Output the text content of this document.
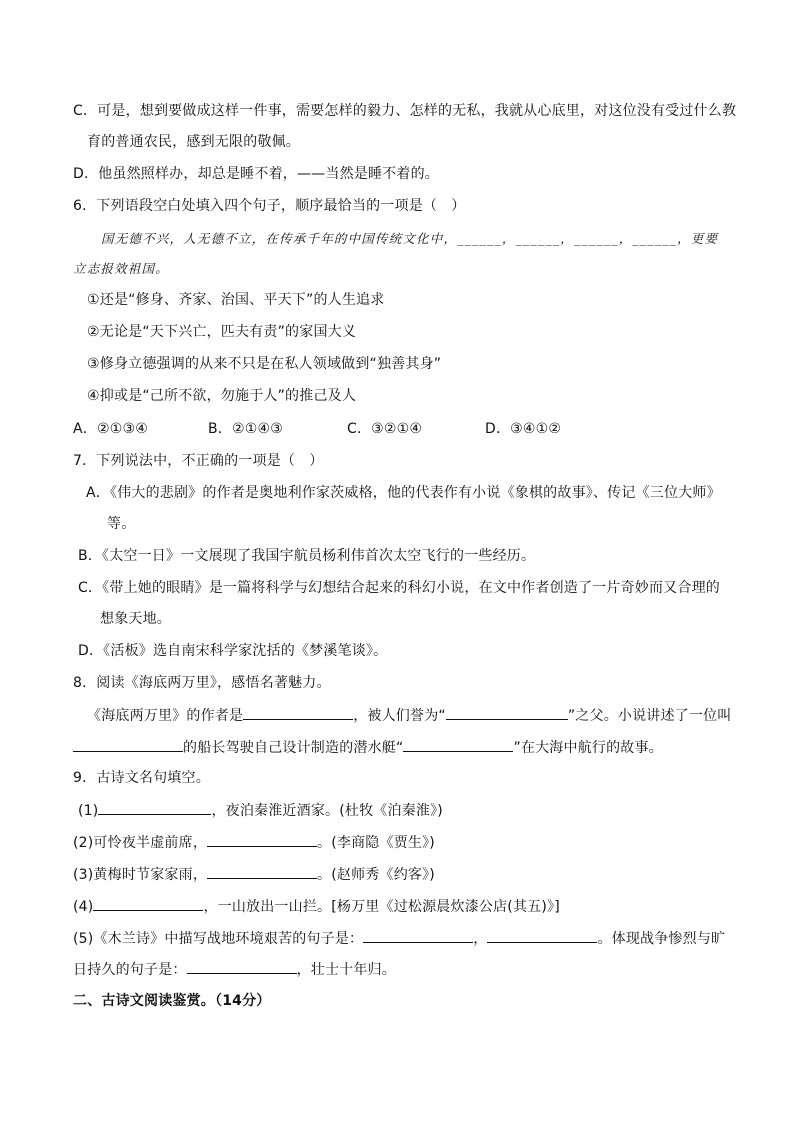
C．可是，想到要做成这样一件事，需要怎样的毅力、怎样的无私，我就从心底里，对这位没有受过什么教
育的普通农民，感到无限的敬佩。
D．他虽然照样办，却总是睡不着，——当然是睡不着的。
6．下列语段空白处填入四个句子，顺序最恰当的一项是（　）
国无德不兴，人无德不立，在传承千年的中国传统文化中，______，______，______，______，更要
立志报效祖国。
①还是“修身、齐家、治国、平天下”的人生追求
②无论是“天下兴亡，匹夫有责”的家国大义
③修身立德强调的从来不只是在私人领域做到“独善其身”
④抑或是“己所不欲，勿施于人”的推己及人
A．②①③④	B．②①④③	C．③②①④	D．③④①②
7．下列说法中，不正确的一项是（　）
A．《伟大的悲剧》的作者是奥地利作家茨威格，他的代表作有小说《象棋的故事》、传记《三位大师》
等。
B．《太空一日》一文展现了我国宇航员杨利伟首次太空飞行的一些经历。
C．《带上她的眼睛》是一篇将科学与幻想结合起来的科幻小说，在文中作者创造了一片奇妙而又合理的
想象天地。
D．《活板》选自南宋科学家沈括的《梦溪笔谈》。
8．阅读《海底两万里》，感悟名著魅力。
《海底两万里》的作者是	，被人们誉为“	”之父。小说讲述了一位叫
的船长驾驶自己设计制造的潜水艇“	”在大海中航行的故事。
9．古诗文名句填空。
(1)	，夜泊秦淮近酒家。(杜牧《泊秦淮》)
(2)可怜夜半虚前席，	。(李商隐《贾生》)
(3)黄梅时节家家雨，	。(赵师秀《约客》)
(4)	，一山放出一山拦。[杨万里《过松源晨炊漆公店(其五)》]
(5)《木兰诗》中描写战地环境艰苦的句子是：	，	。体现战争惨烈与旷
日持久的句子是：	，壮士十年归。
二、古诗文阅读鉴赏。（14分）
